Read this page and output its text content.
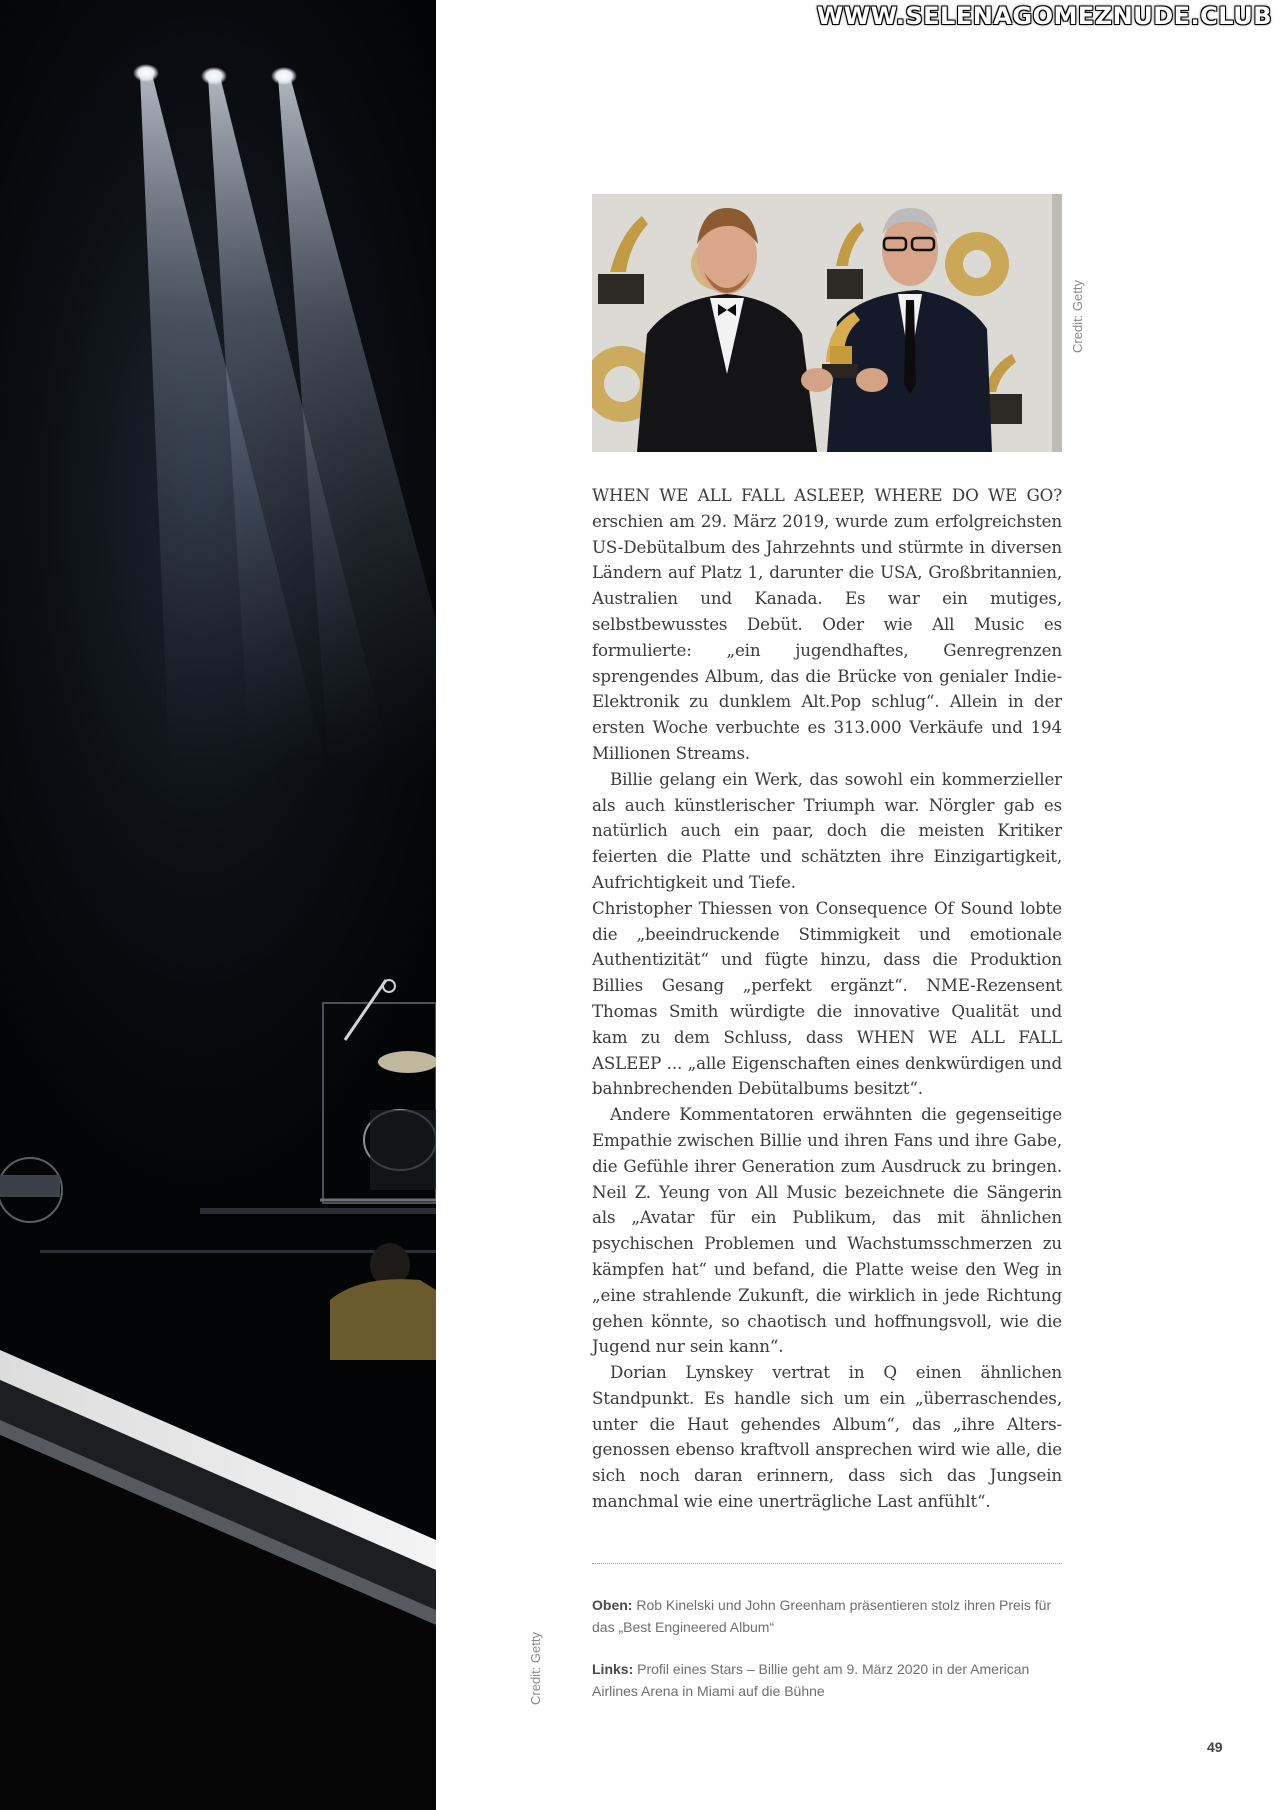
WWW.SELENAGOMEZNUDE.CLUB
Credit: Getty

WHEN WE ALL FALL ASLEEP, WHERE DO WE GO? erschien am 29. März 2019, wurde zum erfolgreichsten US-Debütalbum des Jahrzehnts und stürmte in diversen Ländern auf Platz 1, darunter die USA, Großbritannien, Australien und Kanada. Es war ein mutiges, selbstbewusstes Debüt. Oder wie All Music es formulierte: „ein jugendhaftes, Genregrenzen sprengendes Album, das die Brücke von genialer Indie-Elektronik zu dunklem Alt.Pop schlug“. Allein in der ersten Woche verbuchte es 313.000 Verkäufe und 194 Millionen Streams.

Billie gelang ein Werk, das sowohl ein kommerzieller als auch künstlerischer Triumph war. Nörgler gab es natürlich auch ein paar, doch die meisten Kritiker feierten die Platte und schätzten ihre Einzigartigkeit, Aufrichtigkeit und Tiefe.

Christopher Thiessen von Consequence Of Sound lobte die „beeindruckende Stimmigkeit und emotionale Authentizität“ und fügte hinzu, dass die Produktion Billies Gesang „perfekt ergänzt“. NME-Rezensent Thomas Smith würdigte die innovative Qualität und kam zu dem Schluss, dass WHEN WE ALL FALL ASLEEP ... „alle Eigenschaften eines denkwürdigen und bahnbrechenden Debütalbums besitzt“.

Andere Kommentatoren erwähnten die gegenseitige Empathie zwischen Billie und ihren Fans und ihre Gabe, die Gefühle ihrer Generation zum Ausdruck zu bringen. Neil Z. Yeung von All Music bezeichnete die Sängerin als „Avatar für ein Publikum, das mit ähnlichen psychischen Problemen und Wachstumsschmerzen zu kämpfen hat“ und befand, die Platte weise den Weg in „eine strahlende Zukunft, die wirklich in jede Richtung gehen könnte, so chaotisch und hoffnungsvoll, wie die Jugend nur sein kann“.

Dorian Lynskey vertrat in Q einen ähnlichen Standpunkt. Es handle sich um ein „überraschendes, unter die Haut gehendes Album“, das „ihre Alters-genossen ebenso kraftvoll ansprechen wird wie alle, die sich noch daran erinnern, dass sich das Jungsein manchmal wie eine unerträgliche Last anfühlt“.

Oben: Rob Kinelski und John Greenham präsentieren stolz ihren Preis für das „Best Engineered Album“
Links: Profil eines Stars – Billie geht am 9. März 2020 in der American Airlines Arena in Miami auf die Bühne
Credit: Getty
49
